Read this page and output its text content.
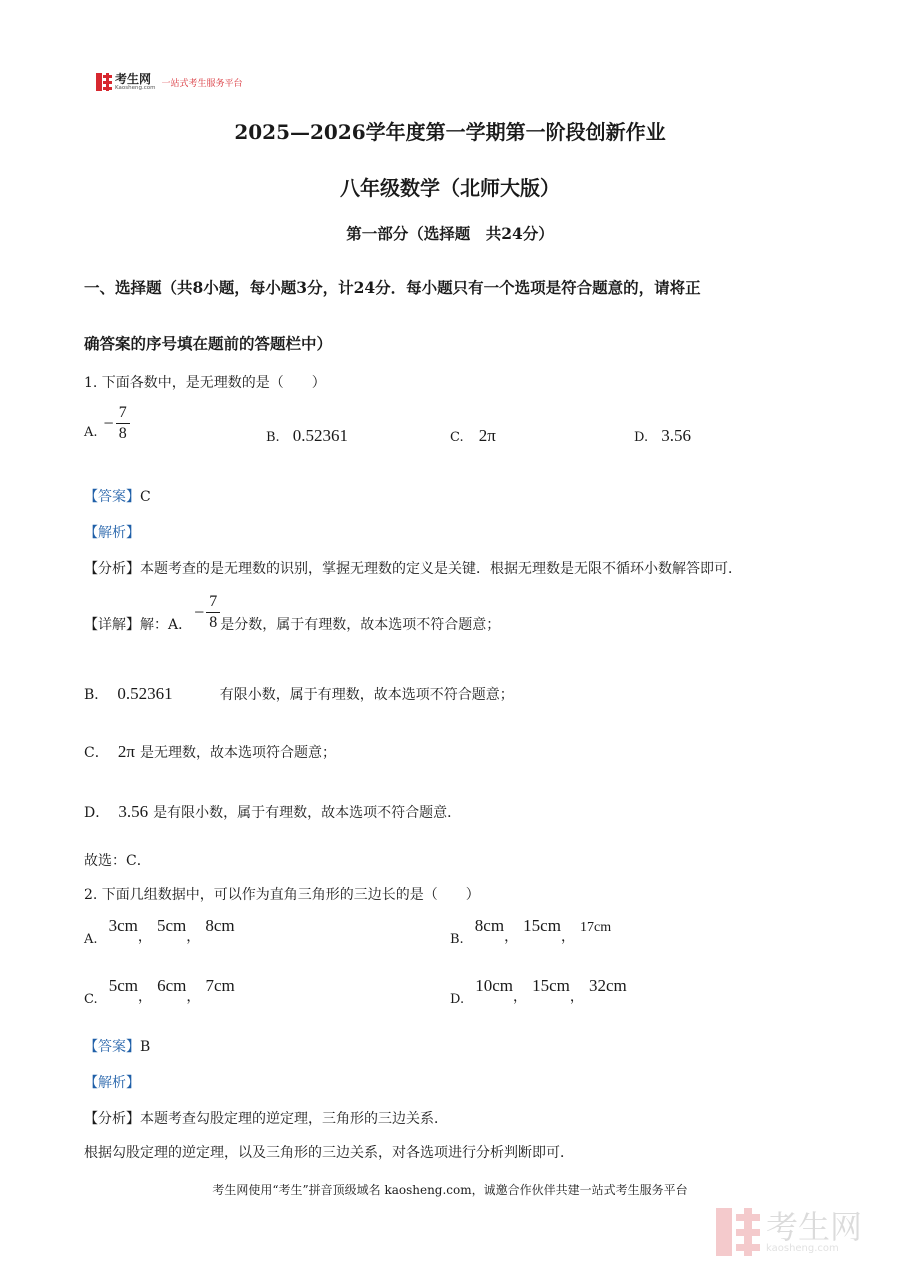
考生网
Kaosheng.com 一站式考生服务平台
2025—2026学年度第一学期第一阶段创新作业
八年级数学（北师大版）
第一部分（选择题　共24分）
一、选择题（共8小题，每小题3分，计24分．每小题只有一个选项是符合题意的，请将正
确答案的序号填在题前的答题栏中）
1. 下面各数中，是无理数的是（　　）
A. − $\frac{7}{8}$	B. 0.52361	C. 2π	D. 3.56
【答案】C
【解析】
【分析】本题考查的是无理数的识别，掌握无理数的定义是关键．根据无理数是无限不循环小数解答即可．
【详解】 解：A．
− $\frac{7}{8}$ 是分数，属于有理数，故本选项不符合题意；
B． 0.52361	有限小数，属于有理数，故本选项不符合题意；
C． 2π 是无理数，故本选项符合题意；
D． 3.56 是有限小数，属于有理数，故本选项不符合题意．
故选：C．
2. 下面几组数据中，可以作为直角三角形的三边长的是（　　）
$_{A.}$ 3cm， 5cm， 8cm
$_{B.}$ 8cm， 15cm， 17cm
$_{C.}$ 5cm， 6cm， 7cm
$_{D.}$ 10cm， 15cm， 32cm
【答案】B
【解析】
【分析】本题考查勾股定理的逆定理，三角形的三边关系．
根据勾股定理的逆定理，以及三角形的三边关系，对各选项进行分析判断即可．
考生网使用“考生”拼音顶级域名 kaosheng.com，诚邀合作伙伴共建一站式考生服务平台
考生网
kaosheng.com
